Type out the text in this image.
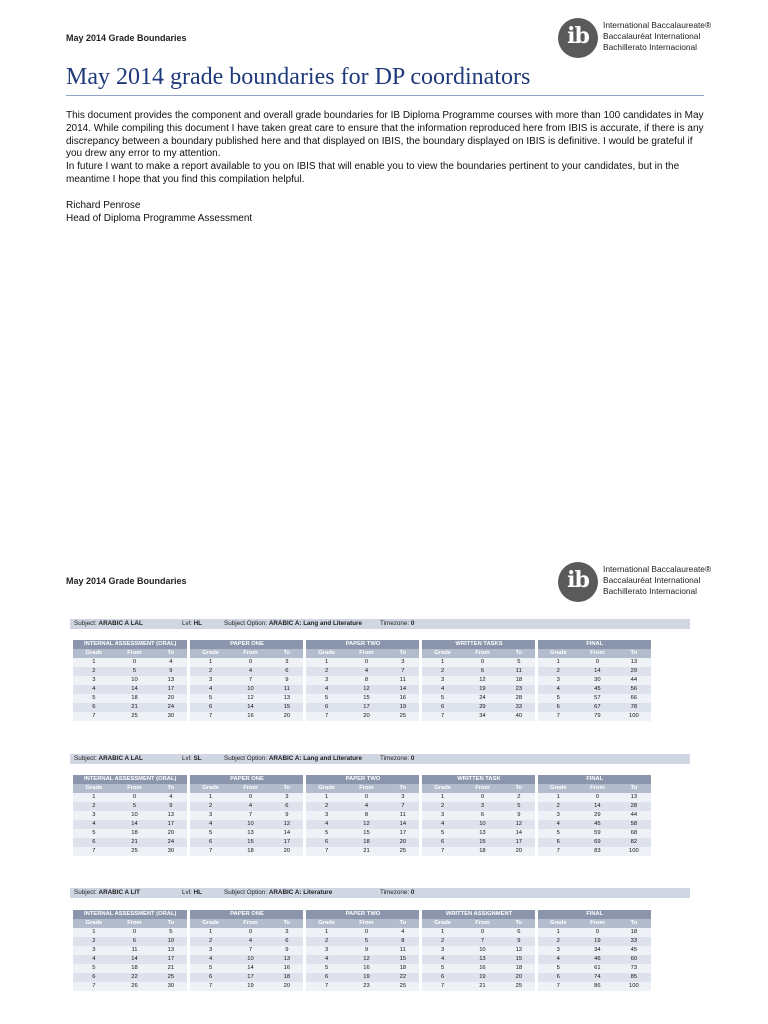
May 2014 Grade Boundaries	ib	International Baccalaureate®
Baccalauréat International
Bachillerato Internacional
May 2014 grade boundaries for DP coordinators

This document provides the component and overall grade boundaries for IB Diploma Programme courses with more than 100 candidates in May 2014. While compiling this document I have taken great care to ensure that the information reproduced here from IBIS is accurate, if there is any discrepancy between a boundary published here and that displayed on IBIS, the boundary displayed on IBIS is definitive. I would be grateful if you drew any error to my attention.

In future I want to make a report available to you on IBIS that will enable you to view the boundaries pertinent to your candidates, but in the meantime I hope that you find this compilation helpful.

Richard Penrose
Head of Diploma Programme Assessment
May 2014 Grade Boundaries	ib	International Baccalaureate®
Baccalauréat International
Bachillerato Internacional
Subject: ARABIC A LAL	Lvl: HL	Subject Option: ARABIC A: Lang and Literature	Timezone: 0
INTERNAL ASSESSMENT (ORAL)			PAPER ONE			PAPER TWO			WRITTEN TASKS			FINAL		
Grade	From	To	Grade	From	To	Grade	From	To	Grade	From	To	Grade	From	To
1	0	4	1	0	3	1	0	3	1	0	5	1	0	13
2	5	9	2	4	6	2	4	7	2	6	11	2	14	29
3	10	13	3	7	9	3	8	11	3	12	18	3	30	44
4	14	17	4	10	11	4	12	14	4	19	23	4	45	56
5	18	20	5	12	13	5	15	16	5	24	28	5	57	66
6	21	24	6	14	15	6	17	19	6	29	33	6	67	78
7	25	30	7	16	20	7	20	25	7	34	40	7	79	100
Subject: ARABIC A LAL	Lvl: SL	Subject Option: ARABIC A: Lang and Literature	Timezone: 0
INTERNAL ASSESSMENT (ORAL)			PAPER ONE			PAPER TWO			WRITTEN TASK			FINAL		
Grade	From	To	Grade	From	To	Grade	From	To	Grade	From	To	Grade	From	To
1	0	4	1	0	3	1	0	3	1	0	2	1	0	13
2	5	9	2	4	6	2	4	7	2	3	5	2	14	28
3	10	13	3	7	9	3	8	11	3	6	9	3	29	44
4	14	17	4	10	12	4	12	14	4	10	12	4	45	58
5	18	20	5	13	14	5	15	17	5	13	14	5	59	68
6	21	24	6	15	17	6	18	20	6	15	17	6	69	82
7	25	30	7	18	20	7	21	25	7	18	20	7	83	100
Subject: ARABIC A LIT	Lvl: HL	Subject Option: ARABIC A: Literature	Timezone: 0
INTERNAL ASSESSMENT (ORAL)			PAPER ONE			PAPER TWO			WRITTEN ASSIGNMENT			FINAL		
Grade	From	To	Grade	From	To	Grade	From	To	Grade	From	To	Grade	From	To
1	0	5	1	0	3	1	0	4	1	0	6	1	0	18
2	6	10	2	4	6	2	5	8	2	7	9	2	19	33
3	11	13	3	7	9	3	9	11	3	10	12	3	34	45
4	14	17	4	10	13	4	12	15	4	13	15	4	46	60
5	18	21	5	14	16	5	16	18	5	16	18	5	61	73
6	22	25	6	17	18	6	19	22	6	19	20	6	74	85
7	26	30	7	19	20	7	23	25	7	21	25	7	86	100
